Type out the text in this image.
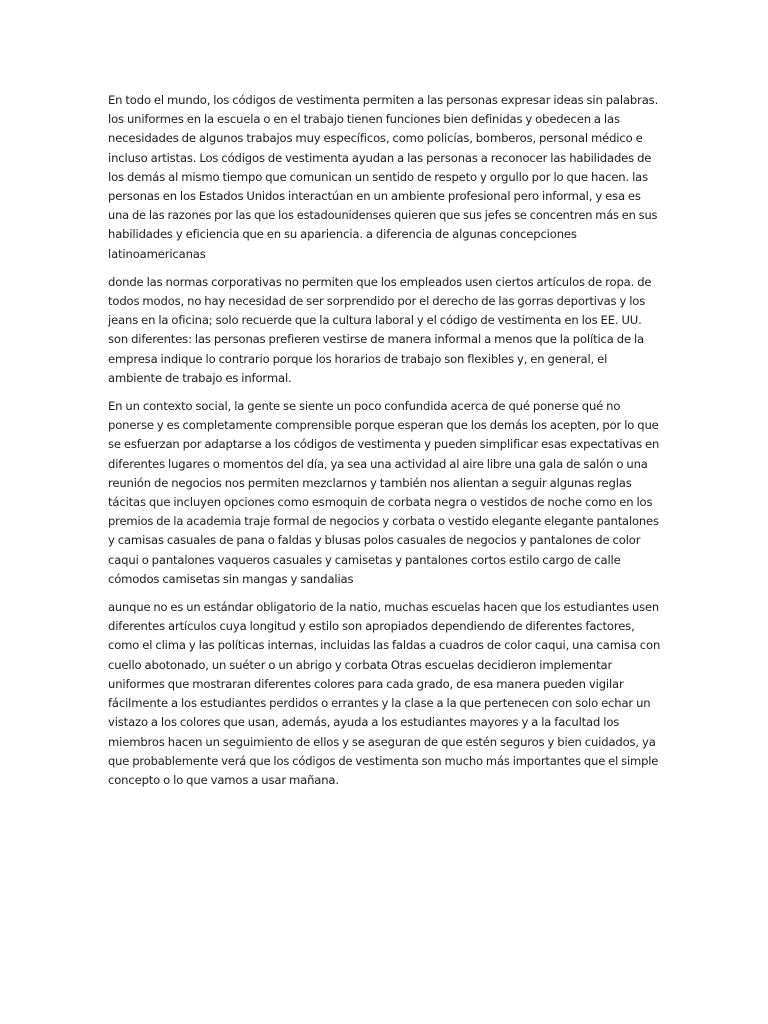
En todo el mundo, los códigos de vestimenta permiten a las personas expresar ideas sin palabras.
los uniformes en la escuela o en el trabajo tienen funciones bien definidas y obedecen a las
necesidades de algunos trabajos muy específicos, como policías, bomberos, personal médico e
incluso artistas. Los códigos de vestimenta ayudan a las personas a reconocer las habilidades de
los demás al mismo tiempo que comunican un sentido de respeto y orgullo por lo que hacen. las
personas en los Estados Unidos interactúan en un ambiente profesional pero informal, y esa es
una de las razones por las que los estadounidenses quieren que sus jefes se concentren más en sus
habilidades y eficiencia que en su apariencia. a diferencia de algunas concepciones
latinoamericanas

donde las normas corporativas no permiten que los empleados usen ciertos artículos de ropa. de
todos modos, no hay necesidad de ser sorprendido por el derecho de las gorras deportivas y los
jeans en la oficina; solo recuerde que la cultura laboral y el código de vestimenta en los EE. UU.
son diferentes: las personas prefieren vestirse de manera informal a menos que la política de la
empresa indique lo contrario porque los horarios de trabajo son flexibles y, en general, el
ambiente de trabajo es informal.

En un contexto social, la gente se siente un poco confundida acerca de qué ponerse qué no
ponerse y es completamente comprensible porque esperan que los demás los acepten, por lo que
se esfuerzan por adaptarse a los códigos de vestimenta y pueden simplificar esas expectativas en
diferentes lugares o momentos del día, ya sea una actividad al aire libre una gala de salón o una
reunión de negocios nos permiten mezclarnos y también nos alientan a seguir algunas reglas
tácitas que incluyen opciones como esmoquin de corbata negra o vestidos de noche como en los
premios de la academia traje formal de negocios y corbata o vestido elegante elegante pantalones
y camisas casuales de pana o faldas y blusas polos casuales de negocios y pantalones de color
caqui o pantalones vaqueros casuales y camisetas y pantalones cortos estilo cargo de calle
cómodos camisetas sin mangas y sandalias

aunque no es un estándar obligatorio de la natio, muchas escuelas hacen que los estudiantes usen
diferentes artículos cuya longitud y estilo son apropiados dependiendo de diferentes factores,
como el clima y las políticas internas, incluidas las faldas a cuadros de color caqui, una camisa con
cuello abotonado, un suéter o un abrigo y corbata Otras escuelas decidieron implementar
uniformes que mostraran diferentes colores para cada grado, de esa manera pueden vigilar
fácilmente a los estudiantes perdidos o errantes y la clase a la que pertenecen con solo echar un
vistazo a los colores que usan, además, ayuda a los estudiantes mayores y a la facultad los
miembros hacen un seguimiento de ellos y se aseguran de que estén seguros y bien cuidados, ya
que probablemente verá que los códigos de vestimenta son mucho más importantes que el simple
concepto o lo que vamos a usar mañana.
